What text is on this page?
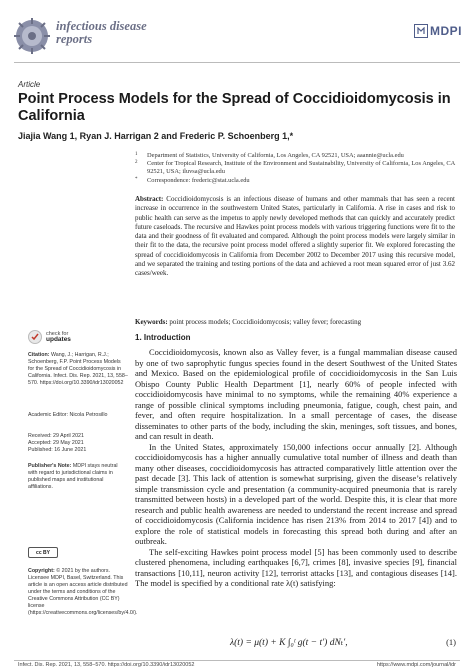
infectious disease
reports
MDPI
Article
Point Process Models for the Spread of Coccidioidomycosis in California
Jiajia Wang 1, Ryan J. Harrigan 2 and Frederic P. Schoenberg 1,*
1 Department of Statistics, University of California, Los Angeles, CA 92521, USA; aaannie@ucla.edu
2 Center for Tropical Research, Institute of the Environment and Sustainability, University of California, Los Angeles, CA 92521, USA; iluvsa@ucla.edu
* Correspondence: frederic@stat.ucla.edu
Abstract: Coccidioidomycosis is an infectious disease of humans and other mammals that has seen a recent increase in occurrence in the southwestern United States, particularly in California. A rise in cases and risk to public health can serve as the impetus to apply newly developed methods that can quickly and accurately predict future caseloads. The recursive and Hawkes point process models with various triggering functions were fit to the data and their goodness of fit evaluated and compared. Although the point process models were largely similar in their fit to the data, the recursive point process model offered a slightly superior fit. We explored forecasting the spread of coccidioidomycosis in California from December 2002 to December 2017 using this recursive model, and we separated the training and testing portions of the data and achieved a root mean squared error of just 3.62 cases/week.
Keywords: point process models; Coccidioidomycosis; valley fever; forecasting
check for
updates
Citation: Wang, J.; Harrigan, R.J.; Schoenberg, F.P. Point Process Models for the Spread of Coccidioidomycosis in California. Infect. Dis. Rep. 2021, 13, 558–570. https://doi.org/10.3390/idr13020052
Academic Editor: Nicola Petrosillo
Received: 29 April 2021
Accepted: 29 May 2021
Published: 16 June 2021
Publisher's Note: MDPI stays neutral with regard to jurisdictional claims in published maps and institutional affiliations.
cc BY
Copyright: © 2021 by the authors. Licensee MDPI, Basel, Switzerland. This article is an open access article distributed under the terms and conditions of the Creative Commons Attribution (CC BY) license (https://creativecommons.org/licenses/by/4.0/).
1. Introduction

Coccidioidomycosis, known also as Valley fever, is a fungal mammalian disease caused by one of two saprophytic fungus species found in the desert Southwest of the United States and Mexico. Based on the epidemiological profile of coccidioidomycosis in the San Luis Obispo County Public Health Department [1], nearly 60% of people infected with coccidioidomycosis have minimal to no symptoms, while the remaining 40% experience a range of possible clinical symptoms including pneumonia, fatigue, cough, chest pain, and fever, and often require hospitalization. In a small percentage of cases, the disease disseminates to other parts of the body, including the skin, meninges, soft tissues, and bones, and can result in death.

In the United States, approximately 150,000 infections occur annually [2]. Although coccidioidomycosis has a higher annually cumulative total number of illness and death than many other diseases, coccidioidomycosis has attracted comparatively little attention over the past decade [3]. This lack of attention is somewhat surprising, given the disease’s relatively simple transmission cycle and presentation (a community-acquired pneumonia that is rarely transmitted between hosts) in a developed part of the world. Despite this, it is clear that more research and public health awareness are needed to understand the recent increase and spread of coccidioidomycosis (California incidence has risen 213% from 2014 to 2017 [4]) and to explore the role of statistical models in forecasting this spread both during and after an outbreak.

The self-exciting Hawkes point process model [5] has been commonly used to describe clustered phenomena, including earthquakes [6,7], crimes [8], invasive species [9], financial transactions [10,11], neuron activity [12], terrorist attacks [13], and contagious diseases [14]. The model is specified by a conditional rate λ(t) satisfying:

λ(t) = μ(t) + K ∫₀ᵗ g(t − t′) dNₜ′,	(1)
Infect. Dis. Rep. 2021, 13, 558–570. https://doi.org/10.3390/idr13020052	https://www.mdpi.com/journal/idr
